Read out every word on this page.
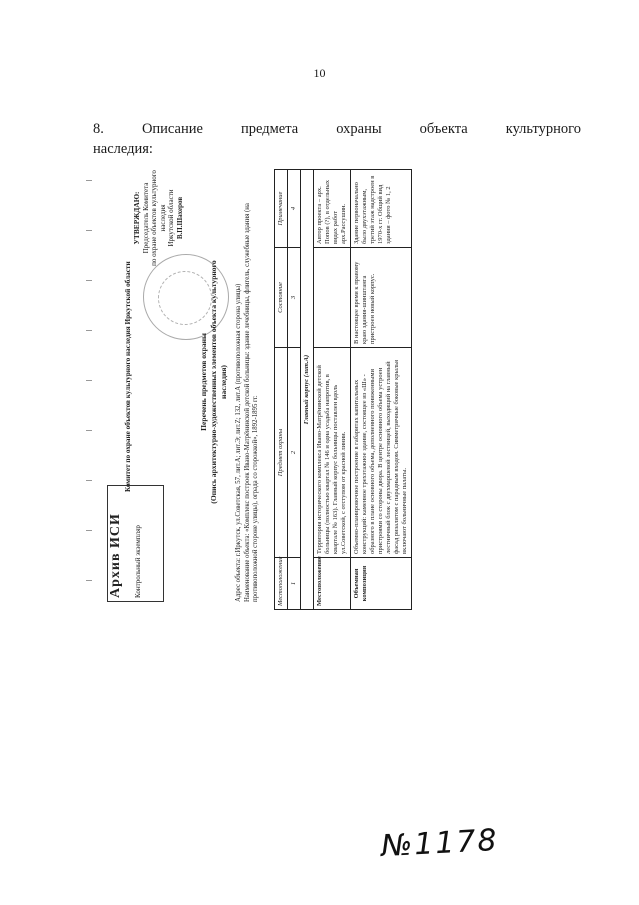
10
8.	Описание	предмета	охраны	объекта	культурного
наследия:
Архив ИСИ Контрольный экземпляр
Комитет по охране объектов культурного наследия Иркутской области
УТВЕРЖДАЮ: Председатель Комитета по охране объектов культурного наследия Иркутской области В.П.Шахеров
Перечень предметов охраны (Опись архитектурно-художественных элементов объекта культурного наследия) Адрес объекта: г.Иркутск, ул.Советская, 57, лит.А; лит.Э; лит.Z; 132, лит.А (противоположная сторона улицы) Наименование объекта: «Комплекс построек Ивано-Матрёнинской детской больницы: здание лечебницы, флигель, служебные здания (на противоположной стороне улицы), ограда со сторожкой», 1892-1895 гг.	Местоположение	Предмет охраны	Состояние	Примечание
1	2	3	4
Главный корпус (лит.А)			
Местоположение	Территория исторического комплекса Ивано-Матрёнинской детской больницы (полностью квартал № 146 и одна усадьба напротив, в квартале № 163). Главный корпус больницы поставлен вдоль ул.Советской, с отступом от красной линии.		Автор проекта – арх. Попов (?), в отдельных видах работ арх.Рассушин.
Объемная композиция	Объемно-планировочное построение в габаритах капитальных конструкций: каменное трехэтажное здание, состоящее из «Ш» - образного в плане основного объема, дополненного пониженными пристроями со стороны двора. В центре основного объема устроен лестничный блок с двухмаршевой лестницей, выходящий на главный фасад ризалитом с парадным входом. Симметричные боковые крылья включают больничные палаты.	В настоящее время к правому краю здания-шинштанга пристроен новый корпус.	Здание первоначально было двухэтажным, третий этаж надстроен в 1970-х гг. Общий вид здания – фото № 1, 2
№1178
